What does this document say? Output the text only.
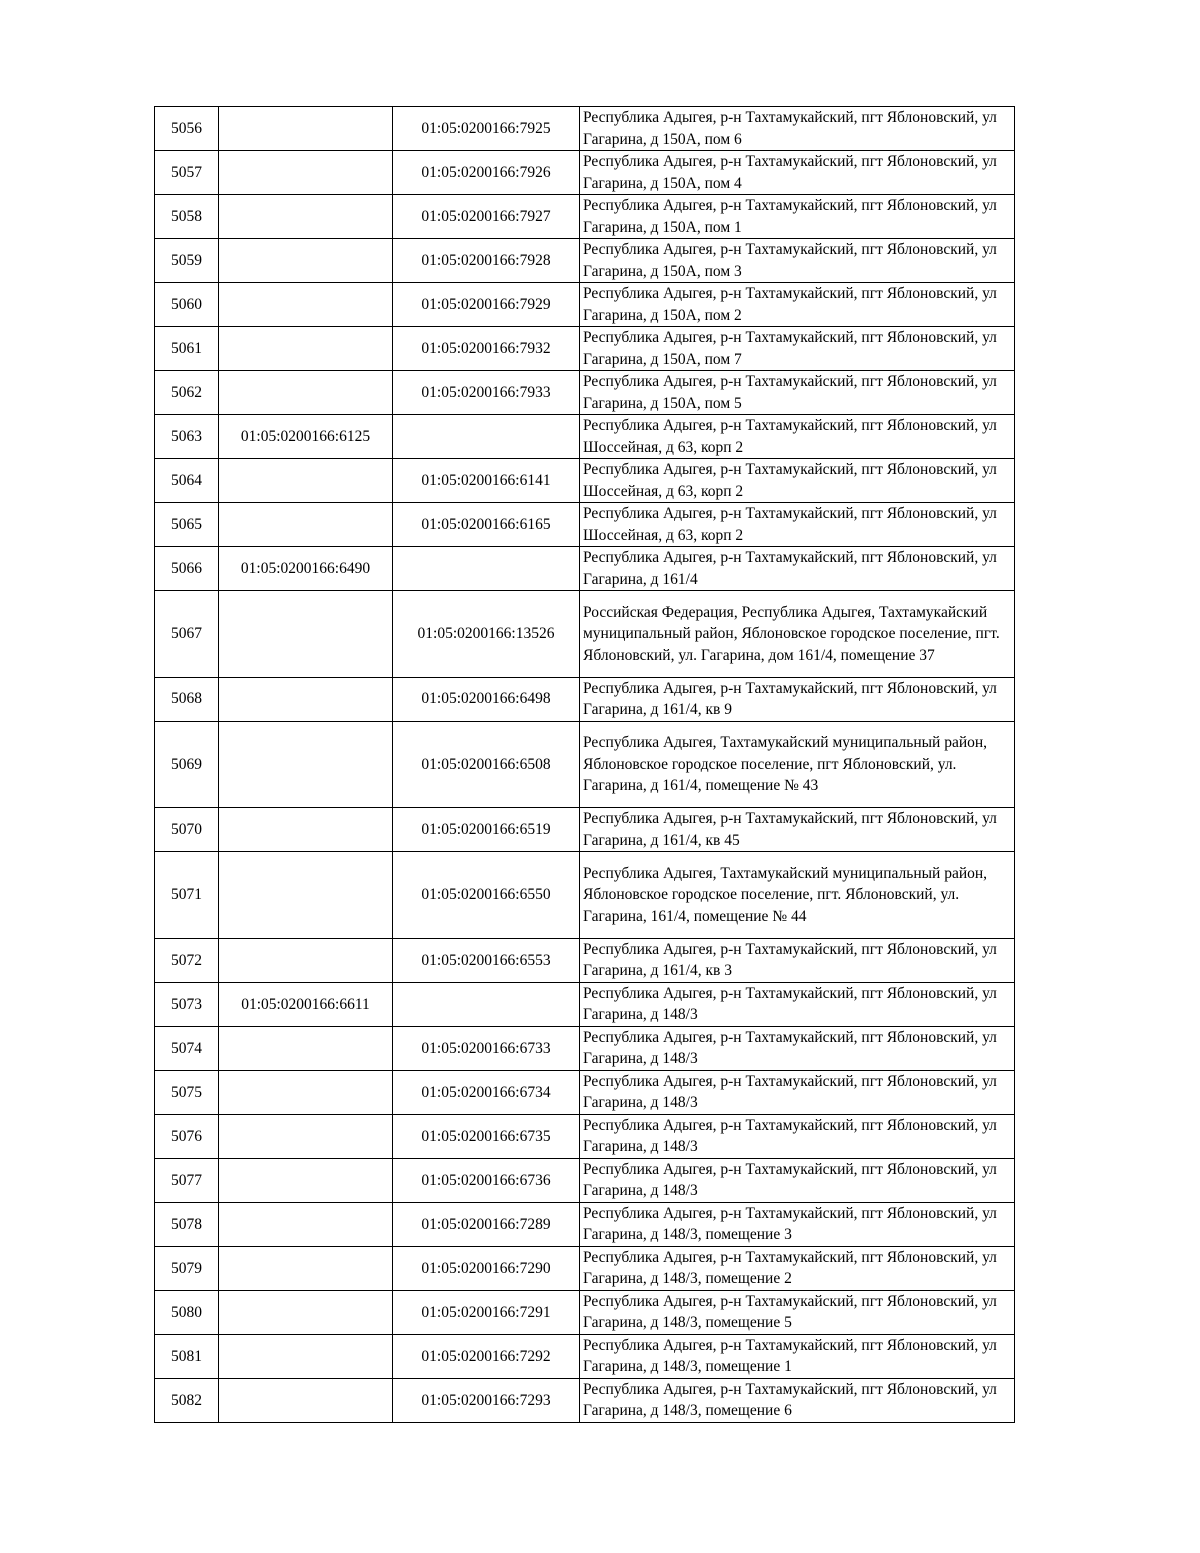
5056		01:05:0200166:7925	Республика Адыгея, р-н Тахтамукайский, пгт Яблоновский, ул Гагарина, д 150А, пом 6
5057		01:05:0200166:7926	Республика Адыгея, р-н Тахтамукайский, пгт Яблоновский, ул Гагарина, д 150А, пом 4
5058		01:05:0200166:7927	Республика Адыгея, р-н Тахтамукайский, пгт Яблоновский, ул Гагарина, д 150А, пом 1
5059		01:05:0200166:7928	Республика Адыгея, р-н Тахтамукайский, пгт Яблоновский, ул Гагарина, д 150А, пом 3
5060		01:05:0200166:7929	Республика Адыгея, р-н Тахтамукайский, пгт Яблоновский, ул Гагарина, д 150А, пом 2
5061		01:05:0200166:7932	Республика Адыгея, р-н Тахтамукайский, пгт Яблоновский, ул Гагарина, д 150А, пом 7
5062		01:05:0200166:7933	Республика Адыгея, р-н Тахтамукайский, пгт Яблоновский, ул Гагарина, д 150А, пом 5
5063	01:05:0200166:6125		Республика Адыгея, р-н Тахтамукайский, пгт Яблоновский, ул Шоссейная, д 63, корп 2
5064		01:05:0200166:6141	Республика Адыгея, р-н Тахтамукайский, пгт Яблоновский, ул Шоссейная, д 63, корп 2
5065		01:05:0200166:6165	Республика Адыгея, р-н Тахтамукайский, пгт Яблоновский, ул Шоссейная, д 63, корп 2
5066	01:05:0200166:6490		Республика Адыгея, р-н Тахтамукайский, пгт Яблоновский, ул Гагарина, д 161/4
5067		01:05:0200166:13526	Российская Федерация, Республика Адыгея, Тахтамукайский муниципальный район, Яблоновское городское поселение, пгт. Яблоновский, ул. Гагарина, дом 161/4, помещение 37
5068		01:05:0200166:6498	Республика Адыгея, р-н Тахтамукайский, пгт Яблоновский, ул Гагарина, д 161/4, кв 9
5069		01:05:0200166:6508	Республика Адыгея, Тахтамукайский муниципальный район, Яблоновское городское поселение, пгт Яблоновский, ул. Гагарина, д 161/4, помещение № 43
5070		01:05:0200166:6519	Республика Адыгея, р-н Тахтамукайский, пгт Яблоновский, ул Гагарина, д 161/4, кв 45
5071		01:05:0200166:6550	Республика Адыгея, Тахтамукайский муниципальный район, Яблоновское городское поселение, пгт. Яблоновский, ул. Гагарина, 161/4, помещение № 44
5072		01:05:0200166:6553	Республика Адыгея, р-н Тахтамукайский, пгт Яблоновский, ул Гагарина, д 161/4, кв 3
5073	01:05:0200166:6611		Республика Адыгея, р-н Тахтамукайский, пгт Яблоновский, ул Гагарина, д 148/3
5074		01:05:0200166:6733	Республика Адыгея, р-н Тахтамукайский, пгт Яблоновский, ул Гагарина, д 148/3
5075		01:05:0200166:6734	Республика Адыгея, р-н Тахтамукайский, пгт Яблоновский, ул Гагарина, д 148/3
5076		01:05:0200166:6735	Республика Адыгея, р-н Тахтамукайский, пгт Яблоновский, ул Гагарина, д 148/3
5077		01:05:0200166:6736	Республика Адыгея, р-н Тахтамукайский, пгт Яблоновский, ул Гагарина, д 148/3
5078		01:05:0200166:7289	Республика Адыгея, р-н Тахтамукайский, пгт Яблоновский, ул Гагарина, д 148/3, помещение 3
5079		01:05:0200166:7290	Республика Адыгея, р-н Тахтамукайский, пгт Яблоновский, ул Гагарина, д 148/3, помещение 2
5080		01:05:0200166:7291	Республика Адыгея, р-н Тахтамукайский, пгт Яблоновский, ул Гагарина, д 148/3, помещение 5
5081		01:05:0200166:7292	Республика Адыгея, р-н Тахтамукайский, пгт Яблоновский, ул Гагарина, д 148/3, помещение 1
5082		01:05:0200166:7293	Республика Адыгея, р-н Тахтамукайский, пгт Яблоновский, ул Гагарина, д 148/3, помещение 6
